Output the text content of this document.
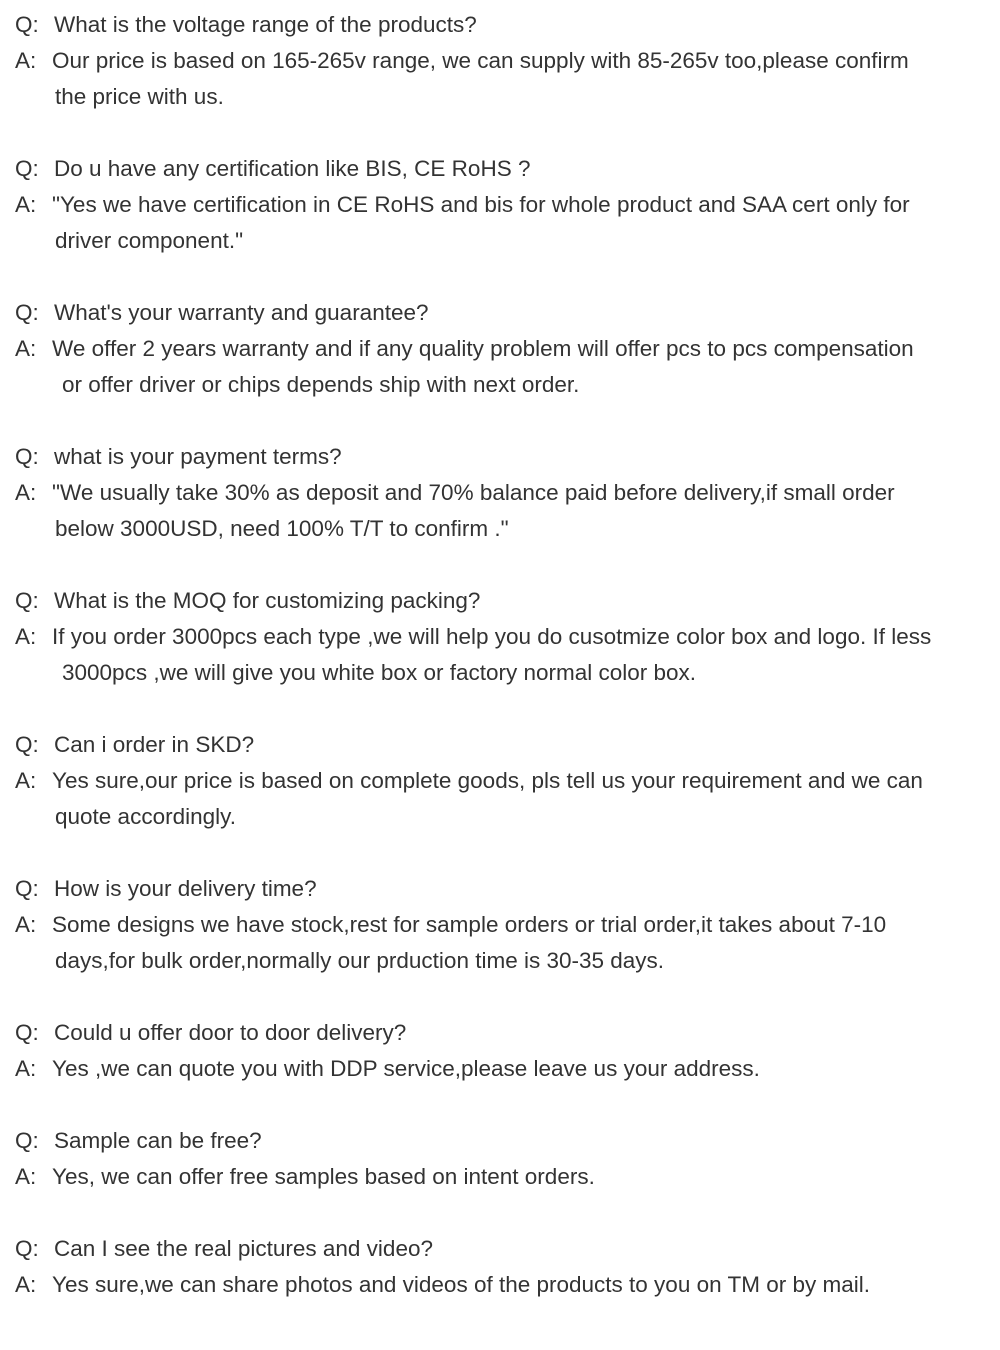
Q: What is the voltage range of the products?
A: Our price is based on 165-265v range, we can supply with 85-265v too,please confirm
the price with us.
Q: Do u have any certification like BIS, CE RoHS ?
A: "Yes we have certification in CE RoHS and bis for whole product and SAA cert only for
driver component."
Q: What's your warranty and guarantee?
A: We offer 2 years warranty and if any quality problem will offer pcs to pcs compensation
or offer driver or chips depends ship with next order.
Q: what is your payment terms?
A: "We usually take 30% as deposit and 70% balance paid before delivery,if small order
below 3000USD, need 100% T/T to confirm ."
Q: What is the MOQ for customizing packing?
A: If you order 3000pcs each type ,we will help you do cusotmize color box and logo. If less
3000pcs ,we will give you white box or factory normal color box.
Q: Can i order in SKD?
A: Yes sure,our price is based on complete goods, pls tell us your requirement and we can
quote accordingly.
Q: How is your delivery time?
A: Some designs we have stock,rest for sample orders or trial order,it takes about 7-10
days,for bulk order,normally our prduction time is 30-35 days.
Q: Could u offer door to door delivery?
A: Yes ,we can quote you with DDP service,please leave us your address.
Q: Sample can be free?
A: Yes, we can offer free samples based on intent orders.
Q: Can I see the real pictures and video?
A: Yes sure,we can share photos and videos of the products to you on TM or by mail.
